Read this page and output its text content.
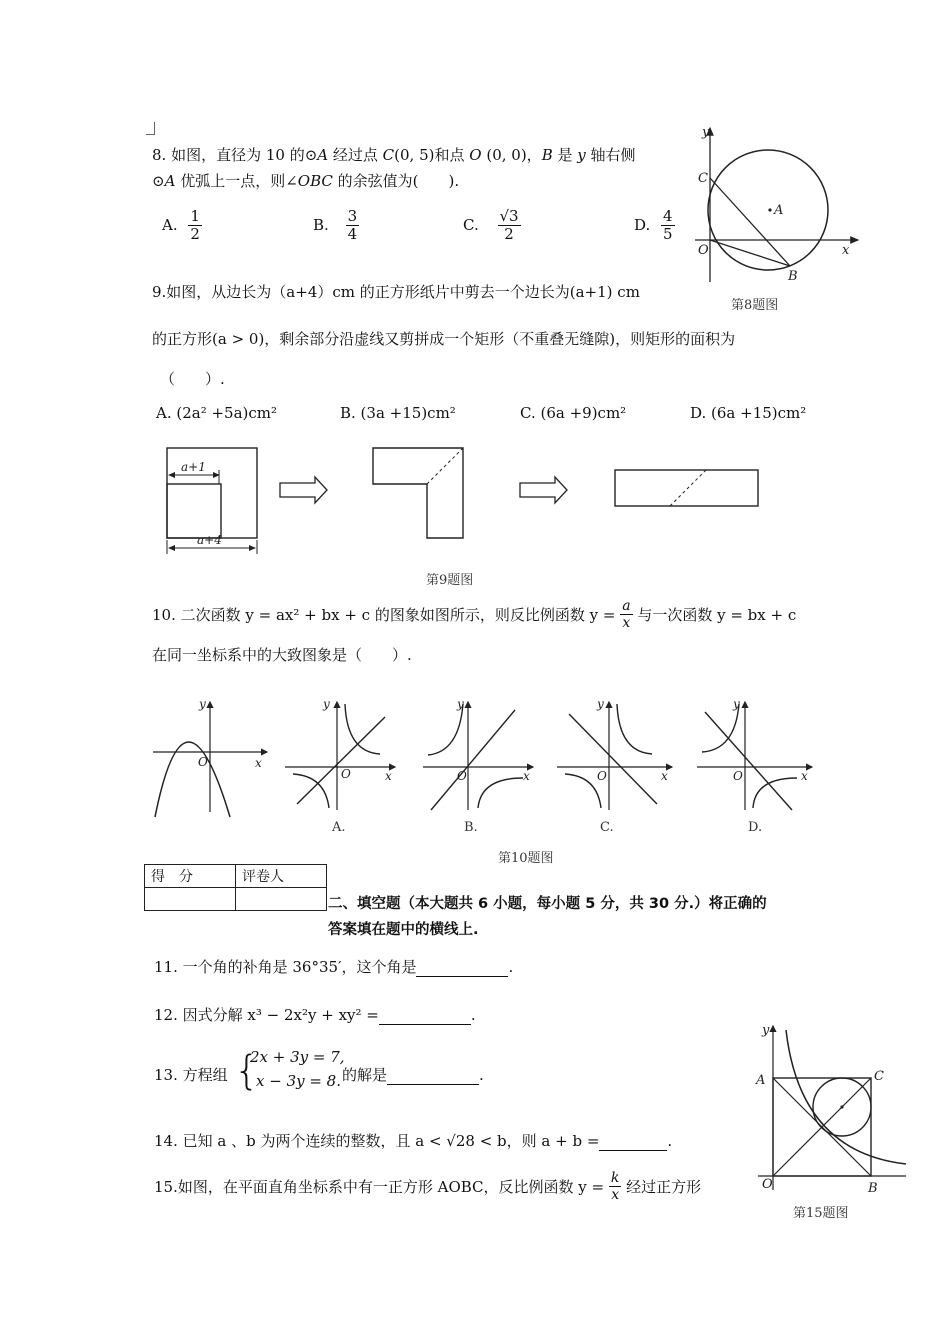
8. 如图，直径为 10 的⊙A 经过点 C(0, 5)和点 O (0, 0)，B 是 y 轴右侧
⊙A 优弧上一点，则∠OBC 的余弦值为(　　).
A. $\frac{1}{2}$	B. $\frac{3}{4}$	C. $\frac{√3}{2}$	D. $\frac{4}{5}$
y
x
C
A
O
B
第8题图
9.如图，从边长为（a+4）cm 的正方形纸片中剪去一个边长为(a+1) cm
的正方形(a > 0)，剩余部分沿虚线又剪拼成一个矩形（不重叠无缝隙)，则矩形的面积为
（　　）.
A. (2a² +5a)cm²	B. (3a +15)cm²	C. (6a +9)cm²	D. (6a +15)cm²
a+1
a+4
第9题图
10. 二次函数 y = ax² + bx + c 的图象如图所示，则反比例函数 $y = \frac{a}{x}$ 与一次函数 y = bx + c
在同一坐标系中的大致图象是（　　）.
y
x
O
y
x
O
y
x
O
y
x
O
y
x
O
A.	B.	C.	D.
第10题图
得　分	评卷人

二、填空题（本大题共 6 小题，每小题 5 分，共 30 分.）将正确的
答案填在题中的横线上.
11. 一个角的补角是 36°35′，这个角是	.
12. 因式分解 x³ − 2x²y + xy² =	.
13. 方程组 {
2x + 3y = 7,
x − 3y = 8. 的解是	.
14. 已知 a 、b 为两个连续的整数，且 a < √28 < b，则 a + b =	.
15.如图，在平面直角坐标系中有一正方形 AOBC，反比例函数 $y = \frac{k}{x}$ 经过正方形
y
A	C
O	B
第15题图
